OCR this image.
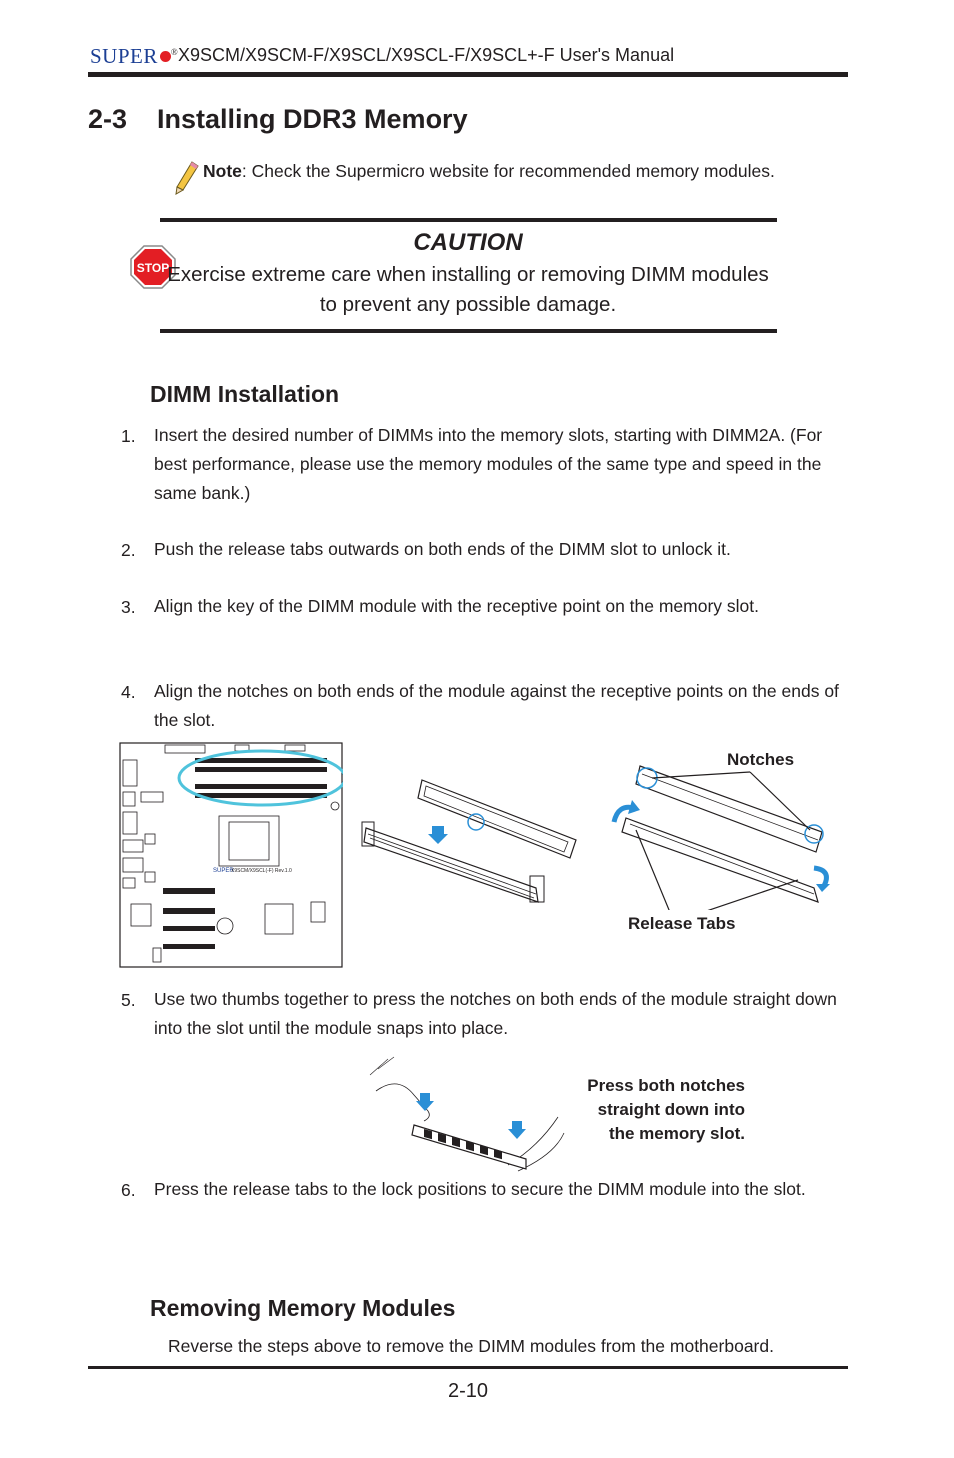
SUPER ® X9SCM/X9SCM-F/X9SCL/X9SCL-F/X9SCL+-F User's Manual
2-3    Installing DDR3 Memory
Note: Check the Supermicro website for recommended memory modules.
STOP
CAUTION
Exercise extreme care when installing or removing DIMM modules to prevent any possible damage.
DIMM Installation
1. Insert the desired number of DIMMs into the memory slots, starting with DIMM2A. (For best performance, please use the memory modules of the same type and speed in the same bank.)
2. Push the release tabs outwards on both ends of the DIMM slot to unlock it.
3. Align the key of the DIMM module with the receptive point on the memory slot.
4. Align the notches on both ends of the module against the receptive points on the ends of the slot.
SUPER
X9SCM/X9SCL(-F) Rev.1.0
Notches
Release Tabs
5. Use two thumbs together to press the notches on both ends of the module straight down into the slot until the module snaps into place.
Press both notches
straight down into
the memory slot.
6. Press the release tabs to the lock positions to secure the DIMM module into the slot.
Removing Memory Modules
Reverse the steps above to remove the DIMM modules from the motherboard.
2-10
